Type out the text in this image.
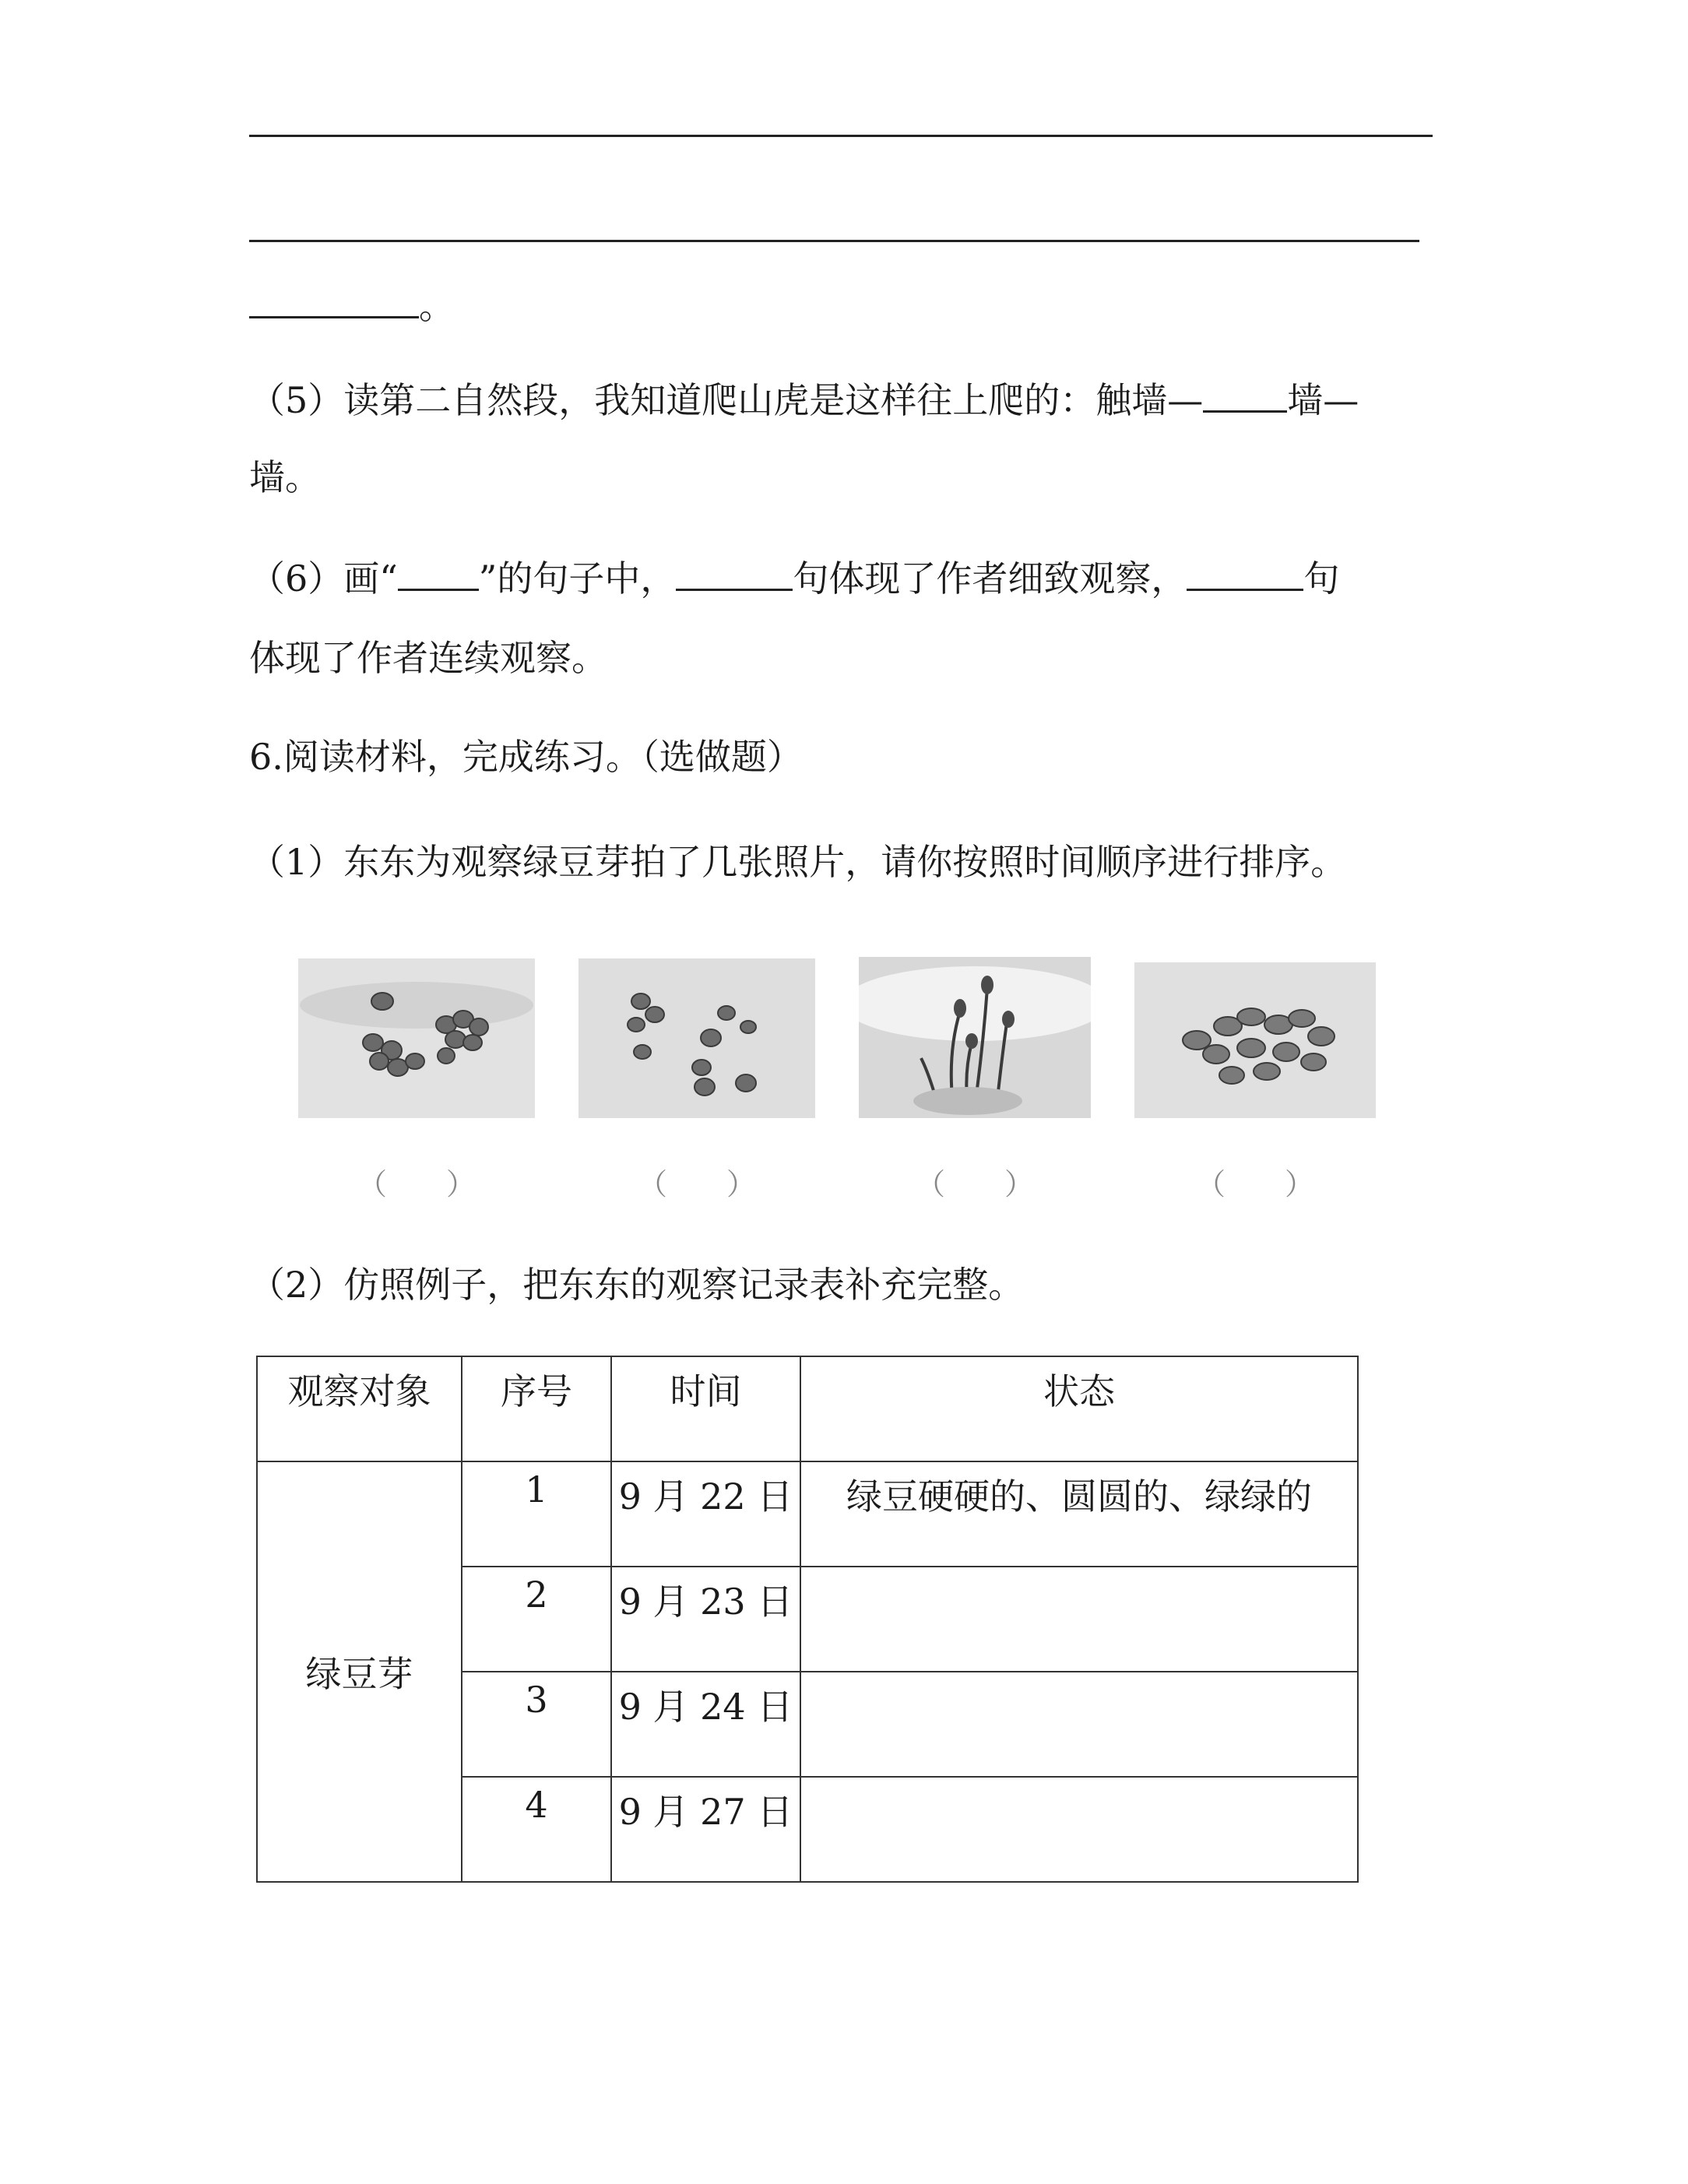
。
（5）读第二自然段，我知道爬山虎是这样往上爬的：触墙— 墙—
墙。
（6）画“ ”的句子中，	句体现了作者细致观察，	句
体现了作者连续观察。
6.阅读材料，完成练习。（选做题）
（1）东东为观察绿豆芽拍了几张照片，请你按照时间顺序进行排序。
（　　）	（　　）	（　　）	（　　）
（2）仿照例子，把东东的观察记录表补充完整。
观察对象	序号	时间	状态
绿豆芽	1	9 月 22 日	绿豆硬硬的、圆圆的、绿绿的
	2	9 月 23 日	
	3	9 月 24 日	
	4	9 月 27 日	
